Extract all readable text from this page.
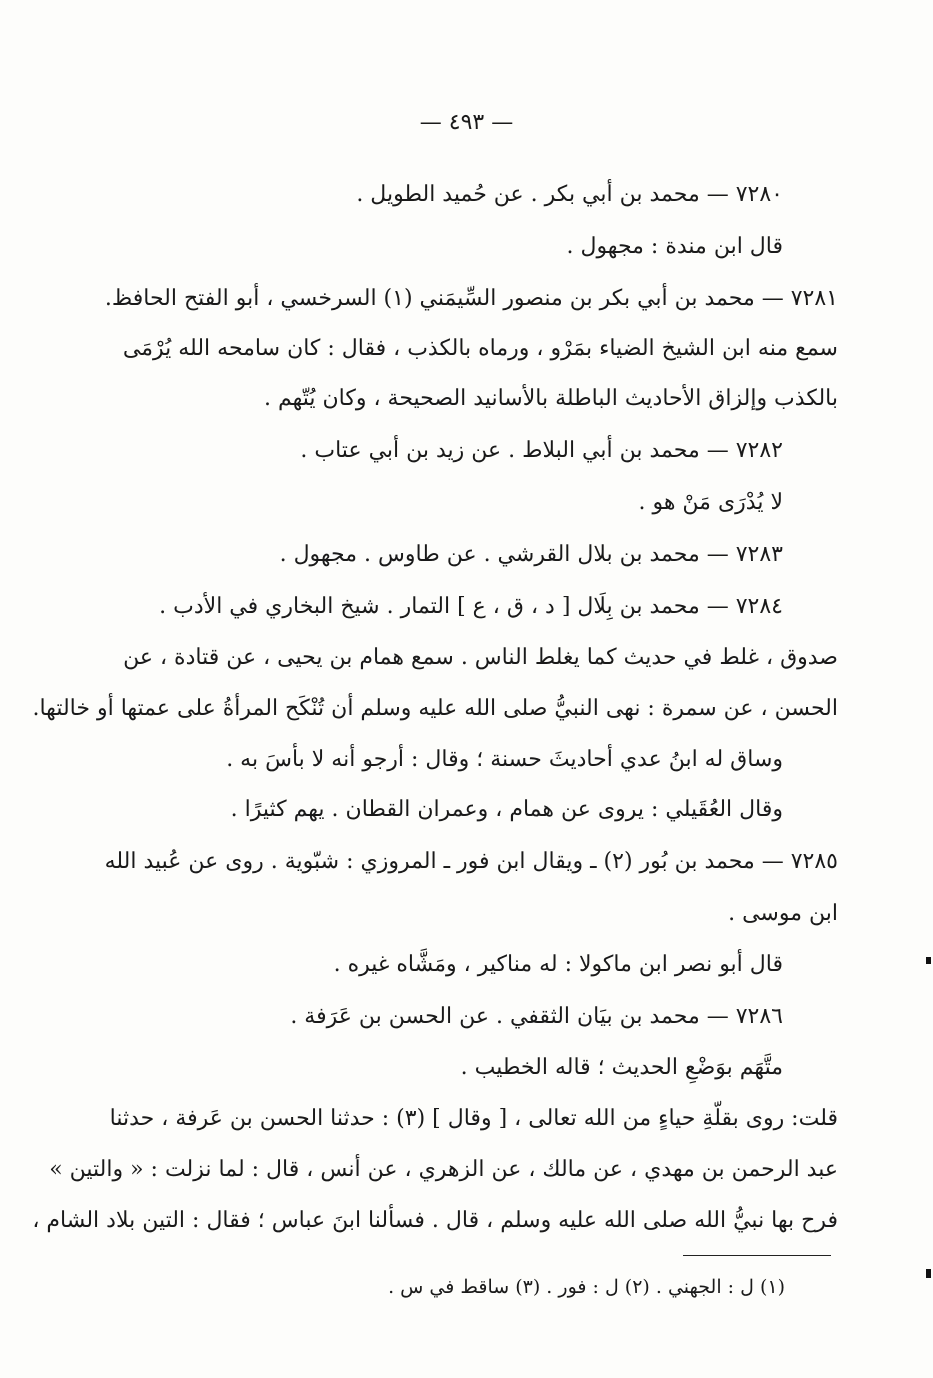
— ٤٩٣ —
٧٢٨٠ — محمد بن أبي بكر . عن حُميد الطويل .
قال ابن مندة : مجهول .
٧٢٨١ — محمد بن أبي بكر بن منصور السِّيمَني (١) السرخسي ، أبو الفتح الحافظ.
سمع منه ابن الشيخ الضياء بمَرْو ، ورماه بالكذب ، فقال : كان سامحه الله يُرْمَى
بالكذب وإلزاق الأحاديث الباطلة بالأسانيد الصحيحة ، وكان يُتّهم .
٧٢٨٢ — محمد بن أبي البلاط . عن زيد بن أبي عتاب .
لا يُدْرَى مَنْ هو .
٧٢٨٣ — محمد بن بلال القرشي . عن طاوس . مجهول .
٧٢٨٤ — محمد بن بِلَال [ د ، ق ، ع ] التمار . شيخ البخاري في الأدب .
صدوق ، غلط في حديث كما يغلط الناس . سمع همام بن يحيى ، عن قتادة ، عن
الحسن ، عن سمرة : نهى النبيُّ صلى الله عليه وسلم أن تُنْكَح المرأةُ على عمتها أو خالتها.
وساق له ابنُ عدي أحاديثَ حسنة ؛ وقال : أرجو أنه لا بأسَ به .
وقال العُقَيلي : يروى عن همام ، وعمران القطان . يهم كثيرًا .
٧٢٨٥ — محمد بن بُور (٢) ـ ويقال ابن فور ـ المروزي : شبّوية . روى عن عُبيد الله
ابن موسى .
قال أبو نصر ابن ماكولا : له مناكير ، ومَشَّاه غيره .
٧٢٨٦ — محمد بن بيَان الثقفي . عن الحسن بن عَرَفة .
متَّهَم بوَضْعِ الحديث ؛ قاله الخطيب .
قلت: روى بقلّةِ حياءٍ من الله تعالى ، [ وقال ] (٣) : حدثنا الحسن بن عَرفة ، حدثنا
عبد الرحمن بن مهدي ، عن مالك ، عن الزهري ، عن أنس ، قال : لما نزلت : « والتين »
فرح بها نبيُّ الله صلى الله عليه وسلم ، قال . فسألنا ابنَ عباس ؛ فقال : التين بلاد الشام ،
(١) ل : الجهني . (٢) ل : فور . (٣) ساقط في س .
